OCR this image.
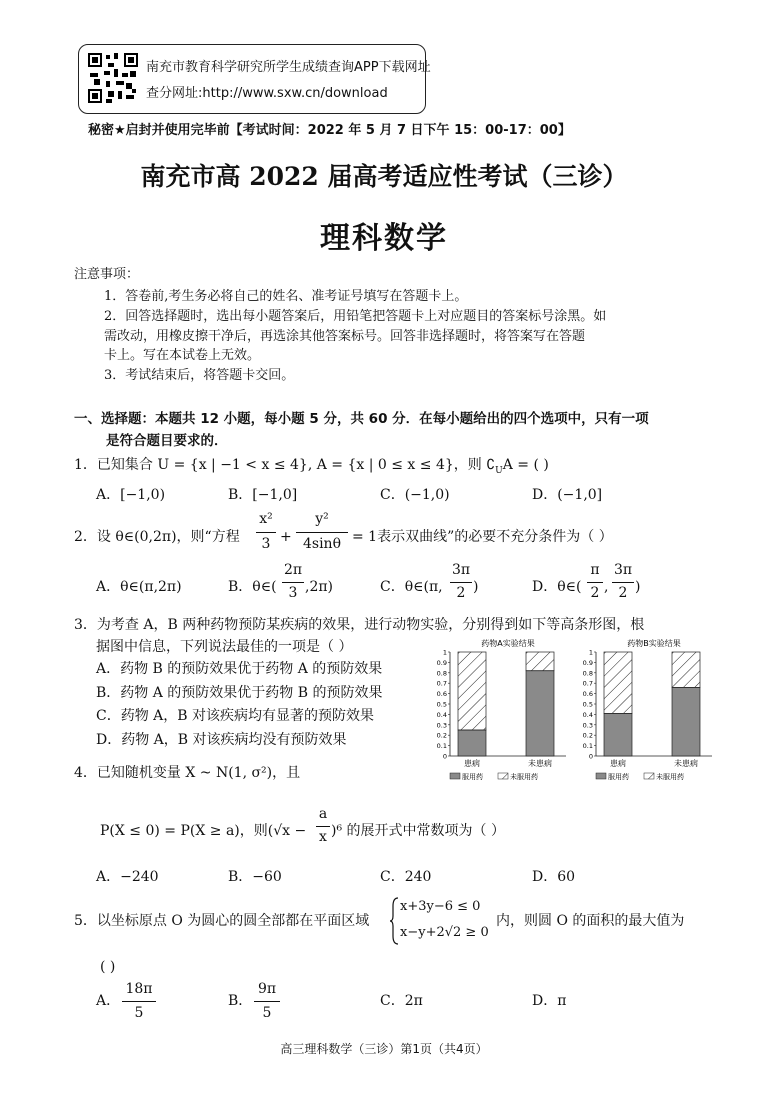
南充市教育科学研究所学生成绩查询APP下载网址
查分网址:http://www.sxw.cn/download
秘密★启封并使用完毕前【考试时间：2022 年 5 月 7 日下午 15：00-17：00】
南充市高 2022 届高考适应性考试（三诊）
理科数学
注意事项：
1．答卷前,考生务必将自己的姓名、准考证号填写在答题卡上。
2．回答选择题时，选出每小题答案后，用铅笔把答题卡上对应题目的答案标号涂黑。如
需改动，用橡皮擦干净后，再选涂其他答案标号。回答非选择题时，将答案写在答题
卡上。写在本试卷上无效。
3．考试结束后，将答题卡交回。
一、选择题：本题共 12 小题，每小题 5 分，共 60 分．在每小题给出的四个选项中，只有一项
是符合题目要求的．
1．已知集合 U = {x | −1 < x ≤ 4}, A = {x | 0 ≤ x ≤ 4}，则 $∁_UA$ = ( )
A．[−1,0)	B．[−1,0]	C．(−1,0)	D．(−1,0]
2．设 θ∈(0,2π)，则“方程
x²
3 +
y²
4sinθ = 1表示双曲线”的必要不充分条件为（ ）
A．θ∈(π,2π)	B．θ∈(
2π
3 ,2π)	C．θ∈(π,
3π
2 )	D．θ∈(
π
2 ,
3π
2 )
3．为考查 A，B 两种药物预防某疾病的效果，进行动物实验，分别得到如下等高条形图，根
据图中信息，下列说法最佳的一项是（ ）
A．药物 B 的预防效果优于药物 A 的预防效果
B．药物 A 的预防效果优于药物 B 的预防效果
C．药物 A，B 对该疾病均有显著的预防效果
D．药物 A，B 对该疾病均没有预防效果
药物A实验结果
0
0.1
0.2
0.3
0.4
0.5
0.6
0.7
0.8
0.9
1
患病	未患病
服用药	未服用药
药物B实验结果
0
0.1
0.2
0.3
0.4
0.5
0.6
0.7
0.8
0.9
1
患病	未患病
服用药	未服用药
4．已知随机变量 X ~ N(1, σ²)，且
P(X ≤ 0) = P(X ≥ a)，则(√x −
a
x )⁶ 的展开式中常数项为（ ）
A．−240	B．−60	C．240	D．60
5．以坐标原点 O 为圆心的圆全部都在平面区域
x+3y−6 ≤ 0
x−y+2√2 ≥ 0
内，则圆 O 的面积的最大值为
( )
A．
18π
5
B．
9π
5
C．2π	D．π
高三理科数学（三诊）第1页（共4页）
